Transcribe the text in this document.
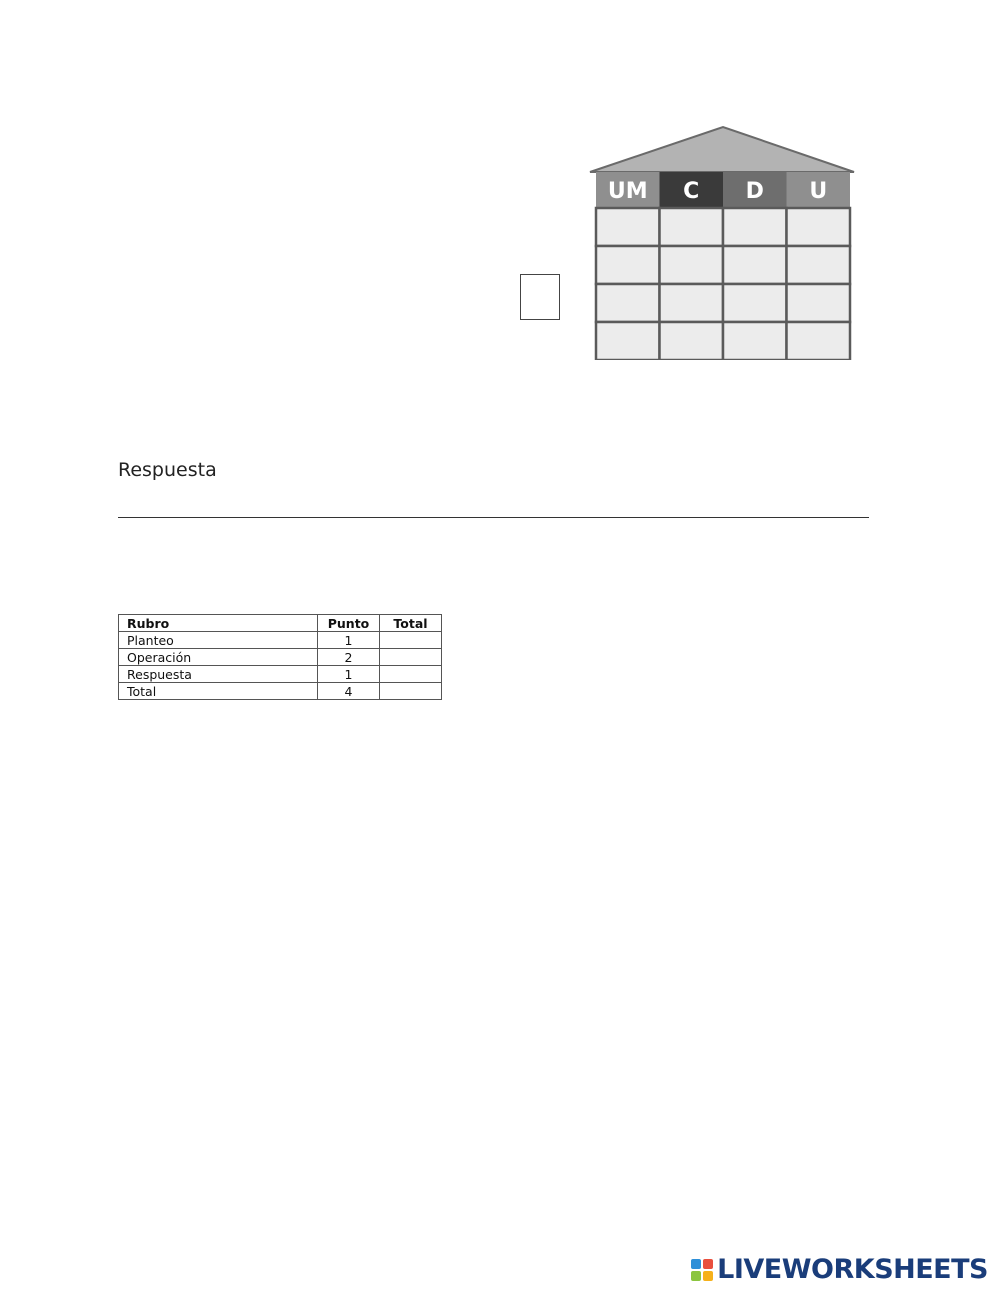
UM C D U
Respuesta
Rubro	Punto	Total
Planteo	1	
Operación	2	
Respuesta	1	
Total	4	
LIVEWORKSHEETS
